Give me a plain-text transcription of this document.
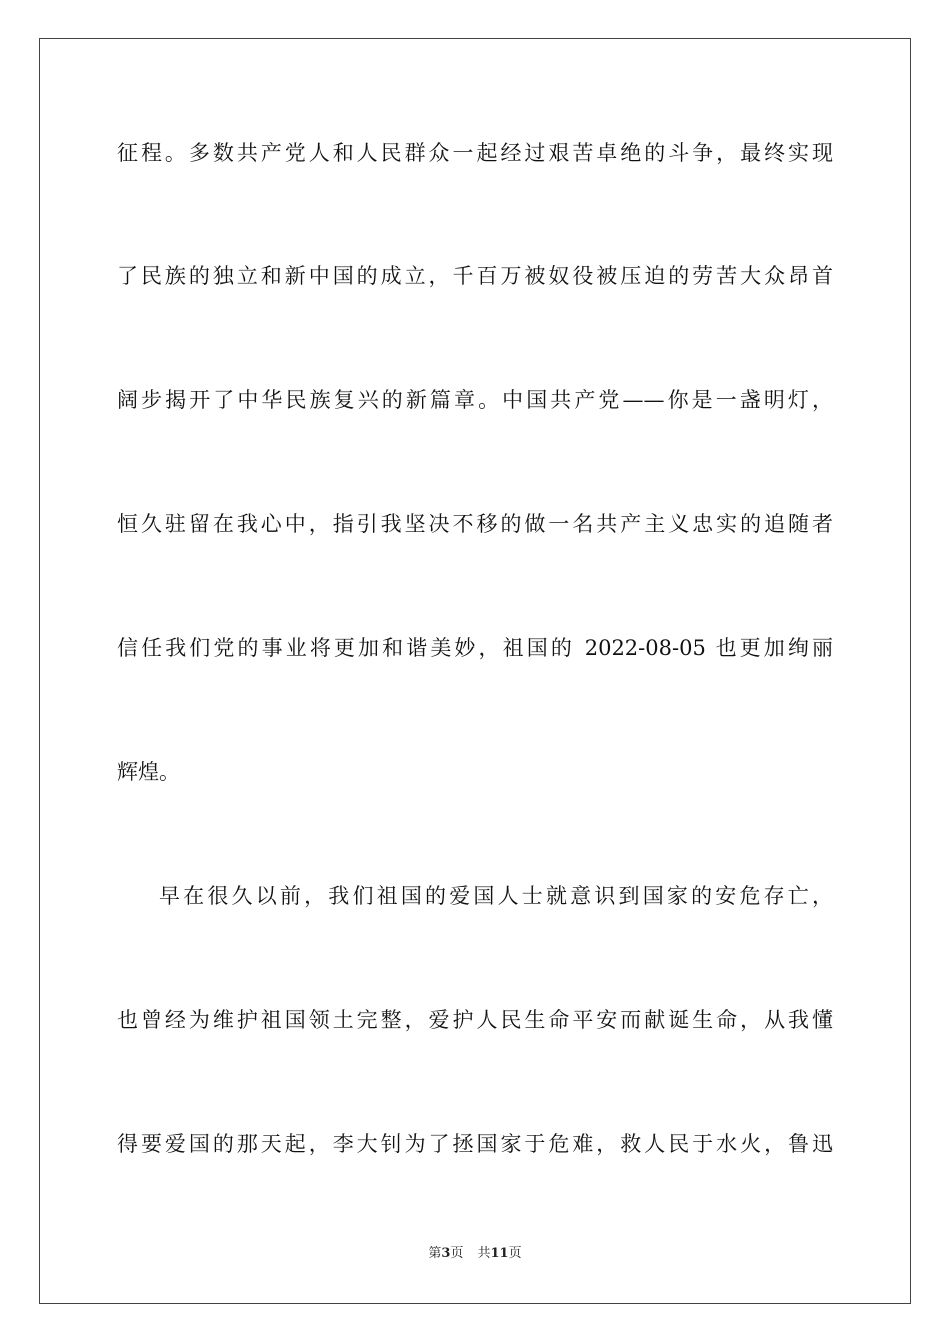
征程。多数共产党人和人民群众一起经过艰苦卓绝的斗争，最终实现
了民族的独立和新中国的成立，千百万被奴役被压迫的劳苦大众昂首
阔步揭开了中华民族复兴的新篇章。中国共产党——你是一盏明灯，
恒久驻留在我心中，指引我坚决不移的做一名共产主义忠实的追随者
信任我们党的事业将更加和谐美妙，祖国的 2022-08-05 也更加绚丽
辉煌。
早在很久以前，我们祖国的爱国人士就意识到国家的安危存亡，
也曾经为维护祖国领土完整，爱护人民生命平安而献诞生命，从我懂
得要爱国的那天起，李大钊为了拯国家于危难，救人民于水火，鲁迅
第3页 共11页
